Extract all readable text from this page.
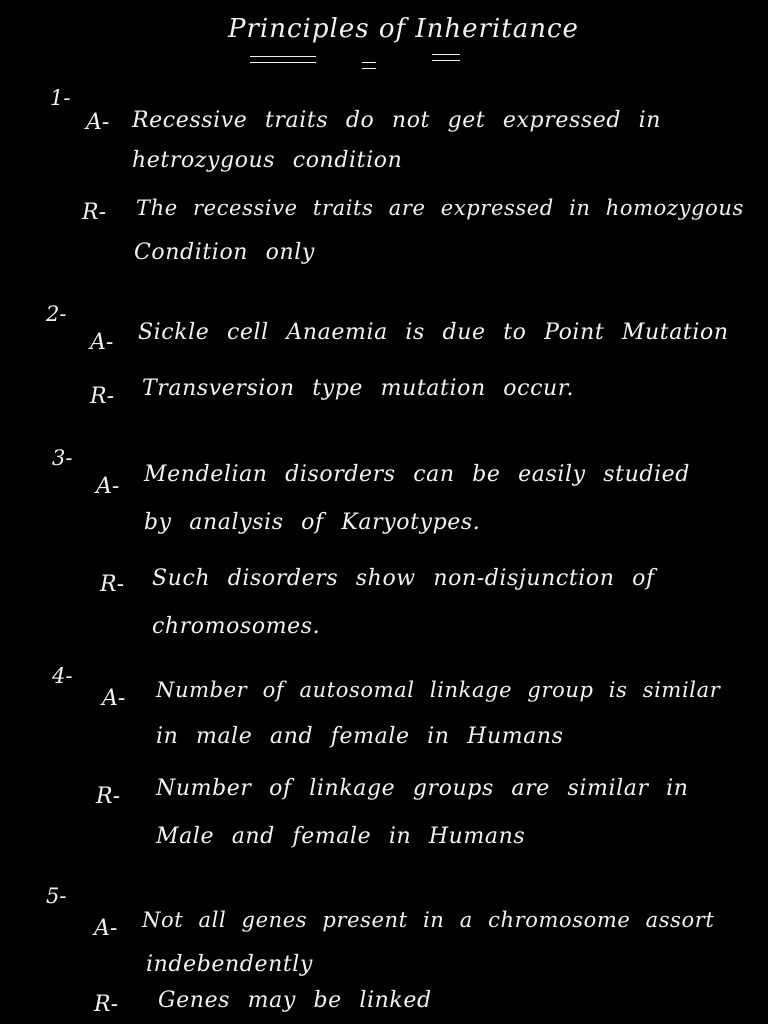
Principles of Inheritance
1-
A- Recessive traits do not get expressed in
hetrozygous condition
R- The recessive traits are expressed in homozygous
Condition only
2-
A- Sickle cell Anaemia is due to Point Mutation
R- Transversion type mutation occur.
3-
A- Mendelian disorders can be easily studied
by analysis of Karyotypes.
R- Such disorders show non-disjunction of
chromosomes.
4-
A- Number of autosomal linkage group is similar
in male and female in Humans
R- Number of linkage groups are similar in
Male and female in Humans
5-
A- Not all genes present in a chromosome assort
indebendently
R- Genes may be linked
